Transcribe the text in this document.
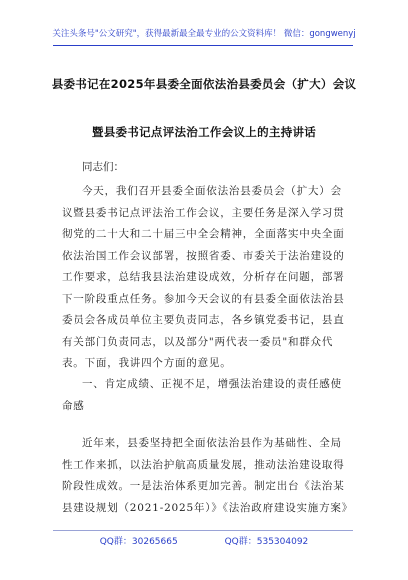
关注头条号"公文研究"，获得最新最全最专业的公文资料库！ 微信：gongwenyj
县委书记在2025年县委全面依法治县委员会（扩大）会议
暨县委书记点评法治工作会议上的主持讲话
同志们：
今天，我们召开县委全面依法治县委员会（扩大）会
议暨县委书记点评法治工作会议，主要任务是深入学习贯
彻党的二十大和二十届三中全会精神，全面落实中央全面
依法治国工作会议部署，按照省委、市委关于法治建设的
工作要求，总结我县法治建设成效，分析存在问题，部署
下一阶段重点任务。参加今天会议的有县委全面依法治县
委员会各成员单位主要负责同志，各乡镇党委书记，县直
有关部门负责同志，以及部分"两代表一委员"和群众代
表。下面，我讲四个方面的意见。
一、肯定成绩、正视不足，增强法治建设的责任感使
命感
近年来，县委坚持把全面依法治县作为基础性、全局
性工作来抓，以法治护航高质量发展，推动法治建设取得
阶段性成效。一是法治体系更加完善。制定出台《法治某
县建设规划（2021-2025年）》《法治政府建设实施方案》
QQ群：30265665	QQ群：535304092
